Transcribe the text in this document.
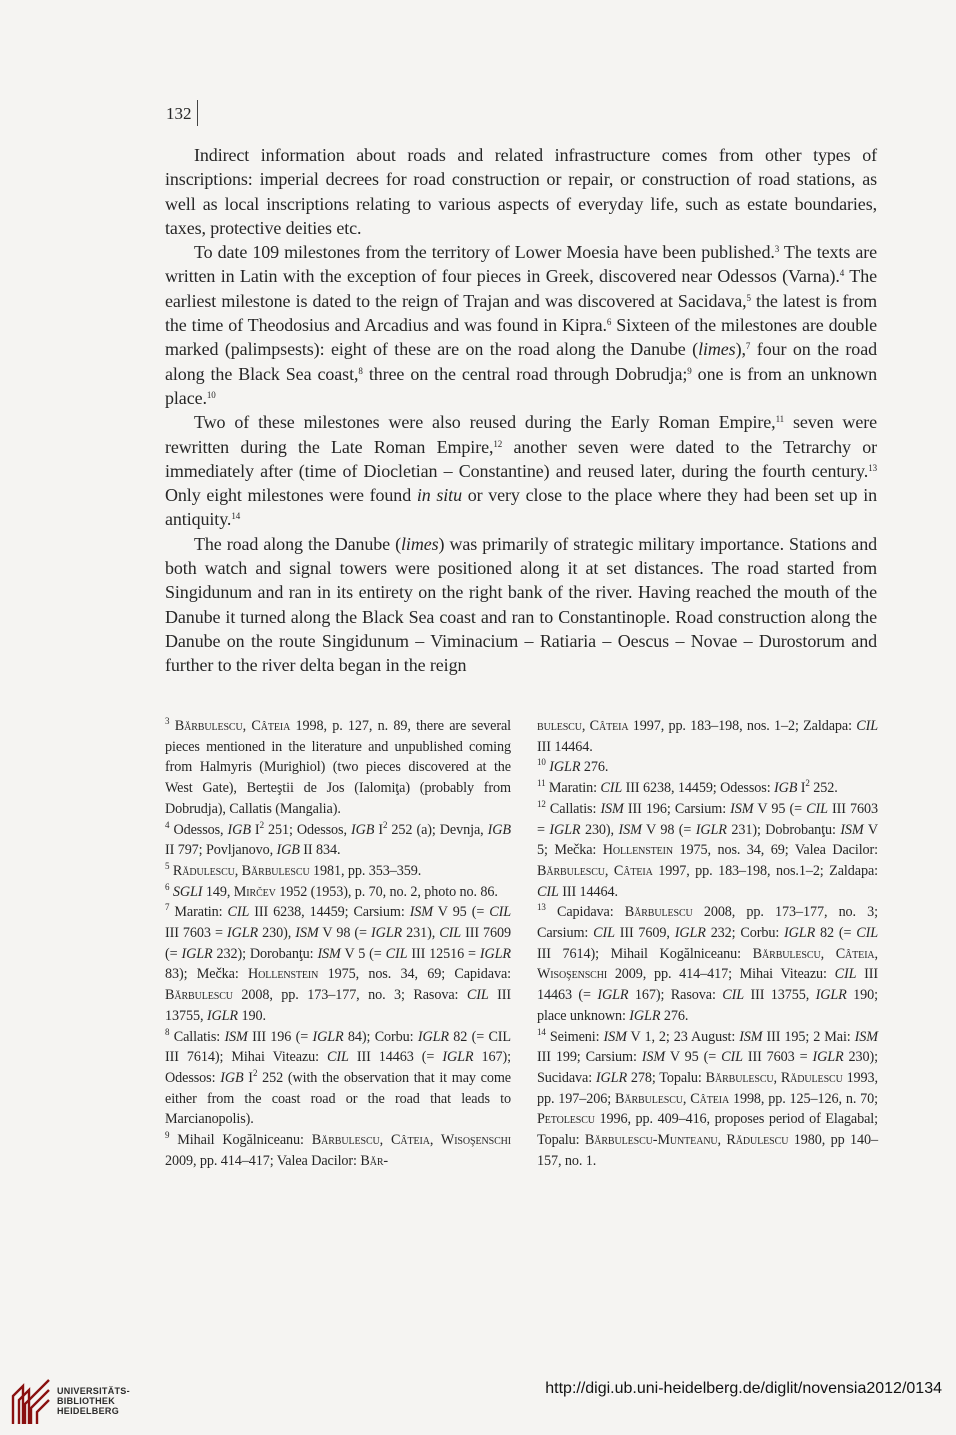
132

Indirect information about roads and related infrastructure comes from other types of inscriptions: imperial decrees for road construction or repair, or construction of road stations, as well as local inscriptions relating to various aspects of everyday life, such as estate boundaries, taxes, protective deities etc.

To date 109 milestones from the territory of Lower Moesia have been published.$^3$ The texts are written in Latin with the exception of four pieces in Greek, discovered near Odessos (Varna).$^4$ The earliest milestone is dated to the reign of Trajan and was discovered at Sacidava,$^5$ the latest is from the time of Theodosius and Arcadius and was found in Kipra.$^6$ Sixteen of the milestones are double marked (palimpsests): eight of these are on the road along the Danube (limes),$^7$ four on the road along the Black Sea coast,$^8$ three on the central road through Dobrudja;$^9$ one is from an unknown place.$^{10}$

Two of these milestones were also reused during the Early Roman Empire,$^{11}$ seven were rewritten during the Late Roman Empire,$^{12}$ another seven were dated to the Tetrarchy or immediately after (time of Diocletian – Constantine) and reused later, during the fourth century.$^{13}$ Only eight milestones were found in situ or very close to the place where they had been set up in antiquity.$^{14}$

The road along the Danube (limes) was primarily of strategic military importance. Stations and both watch and signal towers were positioned along it at set distances. The road started from Singidunum and ran in its entirety on the right bank of the river. Having reached the mouth of the Danube it turned along the Black Sea coast and ran to Constantinople. Road construction along the Danube on the route Singidunum – Viminacium – Ratiaria – Oescus – Novae – Durostorum and further to the river delta began in the reign

$^3$ Bărbulescu, Câteia 1998, p. 127, n. 89, there are several pieces mentioned in the literature and unpublished coming from Halmyris (Murighiol) (two pieces discovered at the West Gate), Berteştii de Jos (Ialomiţa) (probably from Dobrudja), Callatis (Mangalia).

$^4$ Odessos, IGB $I^2$ 251; Odessos, IGB $I^2$ 252 (a); Devnja, IGB II 797; Povljanovo, IGB II 834.

$^5$ Rădulescu, Bărbulescu 1981, pp. 353–359.

$^6$ SGLI 149, Mirčev 1952 (1953), p. 70, no. 2, photo no. 86.

$^7$ Maratin: CIL III 6238, 14459; Carsium: ISM V 95 (= CIL III 7603 = IGLR 230), ISM V 98 (= IGLR 231), CIL III 7609 (= IGLR 232); Dorobanţu: ISM V 5 (= CIL III 12516 = IGLR 83); Mečka: Hollenstein 1975, nos. 34, 69; Capidava: Bărbulescu 2008, pp. 173–177, no. 3; Rasova: CIL III 13755, IGLR 190.

$^8$ Callatis: ISM III 196 (= IGLR 84); Corbu: IGLR 82 (= CIL III 7614); Mihai Viteazu: CIL III 14463 (= IGLR 167); Odessos: IGB $I^2$ 252 (with the observation that it may come either from the coast road or the road that leads to Marcianopolis).

$^9$ Mihail Kogălniceanu: Bărbulescu, Câteia, Wisoşenschi 2009, pp. 414–417; Valea Dacilor: Băr-

bulescu, Câteia 1997, pp. 183–198, nos. 1–2; Zaldapa: CIL III 14464.

$^{10}$ IGLR 276.

$^{11}$ Maratin: CIL III 6238, 14459; Odessos: IGB $I^2$ 252.

$^{12}$ Callatis: ISM III 196; Carsium: ISM V 95 (= CIL III 7603 = IGLR 230), ISM V 98 (= IGLR 231); Dobrobanţu: ISM V 5; Mečka: Hollenstein 1975, nos. 34, 69; Valea Dacilor: Bărbulescu, Câteia 1997, pp. 183–198, nos.1–2; Zaldapa: CIL III 14464.

$^{13}$ Capidava: Bărbulescu 2008, pp. 173–177, no. 3; Carsium: CIL III 7609, IGLR 232; Corbu: IGLR 82 (= CIL III 7614); Mihail Kogălniceanu: Bărbulescu, Câteia, Wisoşenschi 2009, pp. 414–417; Mihai Viteazu: CIL III 14463 (= IGLR 167); Rasova: CIL III 13755, IGLR 190; place unknown: IGLR 276.

$^{14}$ Seimeni: ISM V 1, 2; 23 August: ISM III 195; 2 Mai: ISM III 199; Carsium: ISM V 95 (= CIL III 7603 = IGLR 230); Sucidava: IGLR 278; Topalu: Bărbulescu, Rădulescu 1993, pp. 197–206; Bărbulescu, Câteia 1998, pp. 125–126, n. 70; Petolescu 1996, pp. 409–416, proposes period of Elagabal; Topalu: Bărbulescu-Munteanu, Rădulescu 1980, pp 140–157, no. 1.

UNIVERSITÄTS-
BIBLIOTHEK
HEIDELBERG
http://digi.ub.uni-heidelberg.de/diglit/novensia2012/0134
